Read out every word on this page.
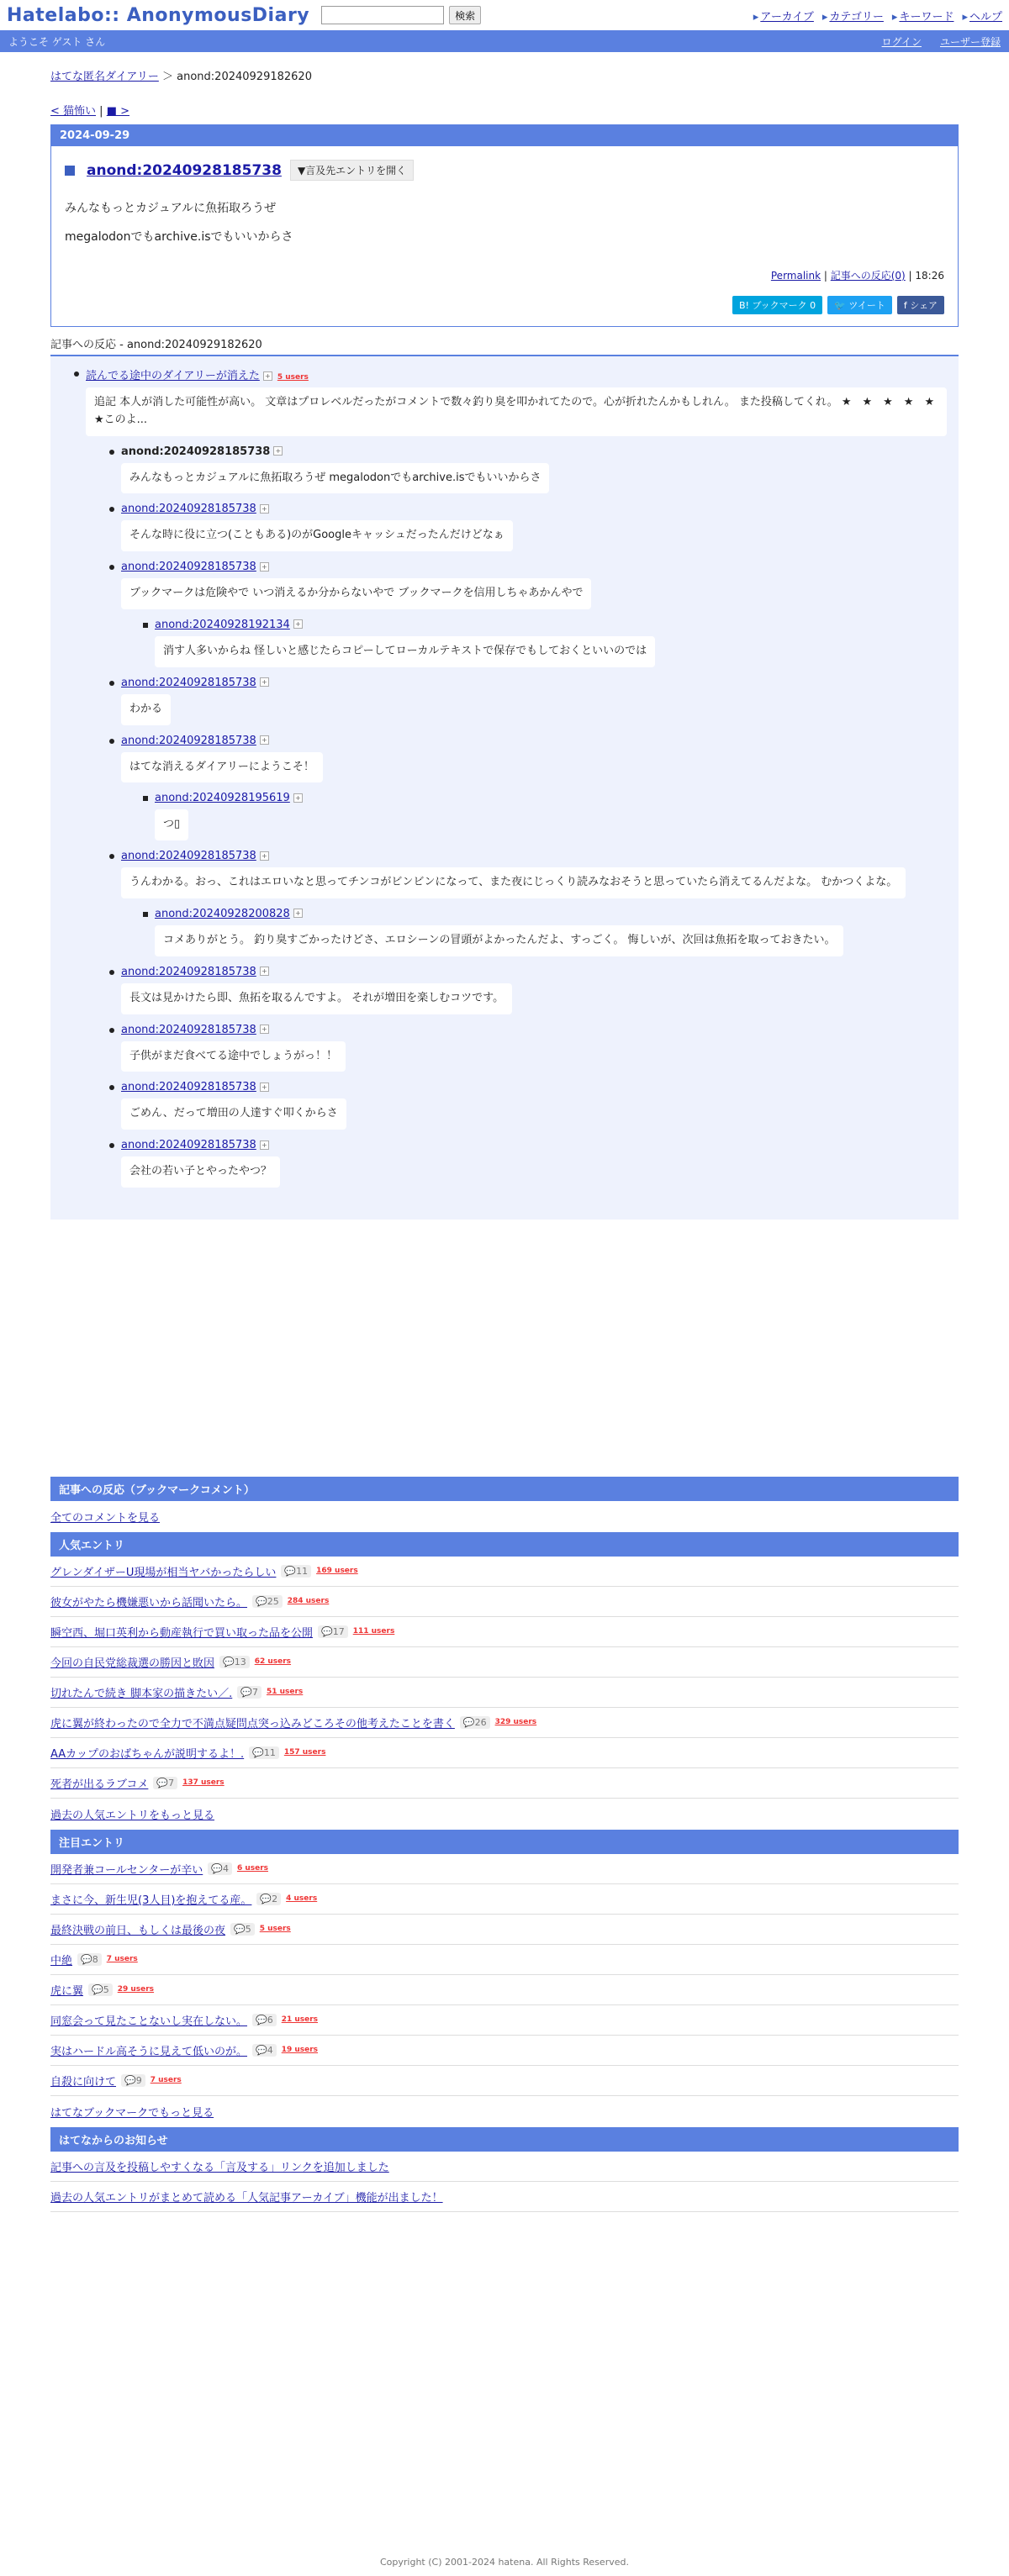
Hatelabo:: AnonymousDiary	検索	▸ アーカイブ	▸ カテゴリー	▸ キーワード	▸ ヘルプ
ようこそ ゲスト さん	ログイン ユーザー登録
はてな匿名ダイアリー ＞ anond:20240929182620
< 猫怖い | ■ >
2024-09-29
anond:20240928185738	▼言及先エントリを開く

みんなもっとカジュアルに魚拓取ろうぜ

megalodonでもarchive.isでもいいからさ

Permalink | 記事への反応(0) | 18:26
B! ブックマーク 0	🐦 ツイート	f シェア
記事への反応 - anond:20240929182620
読んでる途中のダイアリーが消えた + 5 users 追記 本人が消した可能性が高い。 文章はプロレベルだったがコメントで数々釣り臭を叩かれてたので。心が折れたんかもしれん。 また投稿してくれ。 ★　★　★　★　★　★このよ...
anond:20240928185738 +
みんなもっとカジュアルに魚拓取ろうぜ megalodonでもarchive.isでもいいからさ
anond:20240928185738 +
そんな時に役に立つ(こともある)のがGoogleキャッシュだったんだけどなぁ
anond:20240928185738 +
ブックマークは危険やで いつ消えるか分からないやで ブックマークを信用しちゃあかんやで
anond:20240928192134 +
消す人多いからね 怪しいと感じたらコピーしてローカルテキストで保存でもしておくといいのでは
anond:20240928185738 +
わかる
anond:20240928185738 +
はてな消えるダイアリーにようこそ！
anond:20240928195619 +
つ▯
anond:20240928185738 +
うんわかる。おっ、これはエロいなと思ってチンコがビンビンになって、また夜にじっくり読みなおそうと思っていたら消えてるんだよな。 むかつくよな。
anond:20240928200828 +
コメありがとう。 釣り臭すごかったけどさ、エロシーンの冒頭がよかったんだよ、すっごく。 悔しいが、次回は魚拓を取っておきたい。
anond:20240928185738 +
長文は見かけたら即、魚拓を取るんですよ。 それが増田を楽しむコツです。
anond:20240928185738 +
子供がまだ食べてる途中でしょうがっ！！
anond:20240928185738 +
ごめん、だって増田の人達すぐ叩くからさ
anond:20240928185738 +
会社の若い子とやったやつ？
記事への反応（ブックマークコメント）
全てのコメントを見る
人気エントリ
グレンダイザーU現場が相当ヤバかったらしい 💬11	169 users
彼女がやたら機嫌悪いから話聞いたら。 💬25	284 users
瞬空西、堀口英利から動産執行で買い取った品を公開 💬17	111 users
今回の自民党総裁選の勝因と敗因 💬13	62 users
切れたんで続き 脚本家の描きたい／. 💬7	51 users
虎に翼が終わったので全力で不満点疑問点突っ込みどころその他考えたことを書く 💬26	329 users
AAカップのおばちゃんが説明するよ！. 💬11	157 users
死者が出るラブコメ 💬7	137 users
過去の人気エントリをもっと見る
注目エントリ
開発者兼コールセンターが辛い 💬4	6 users
まさに今、新生児(3人目)を抱えてる産。 💬2	4 users
最終決戦の前日、もしくは最後の夜 💬5	5 users
中絶 💬8	7 users
虎に翼 💬5	29 users
同窓会って見たことないし実在しない。 💬6	21 users
実はハードル高そうに見えて低いのが。 💬4	19 users
自殺に向けて 💬9	7 users
はてなブックマークでもっと見る
はてなからのお知らせ
記事への言及を投稿しやすくなる「言及する」リンクを追加しました
過去の人気エントリがまとめて読める「人気記事アーカイブ」機能が出ました！
Copyright (C) 2001-2024 hatena. All Rights Reserved.
